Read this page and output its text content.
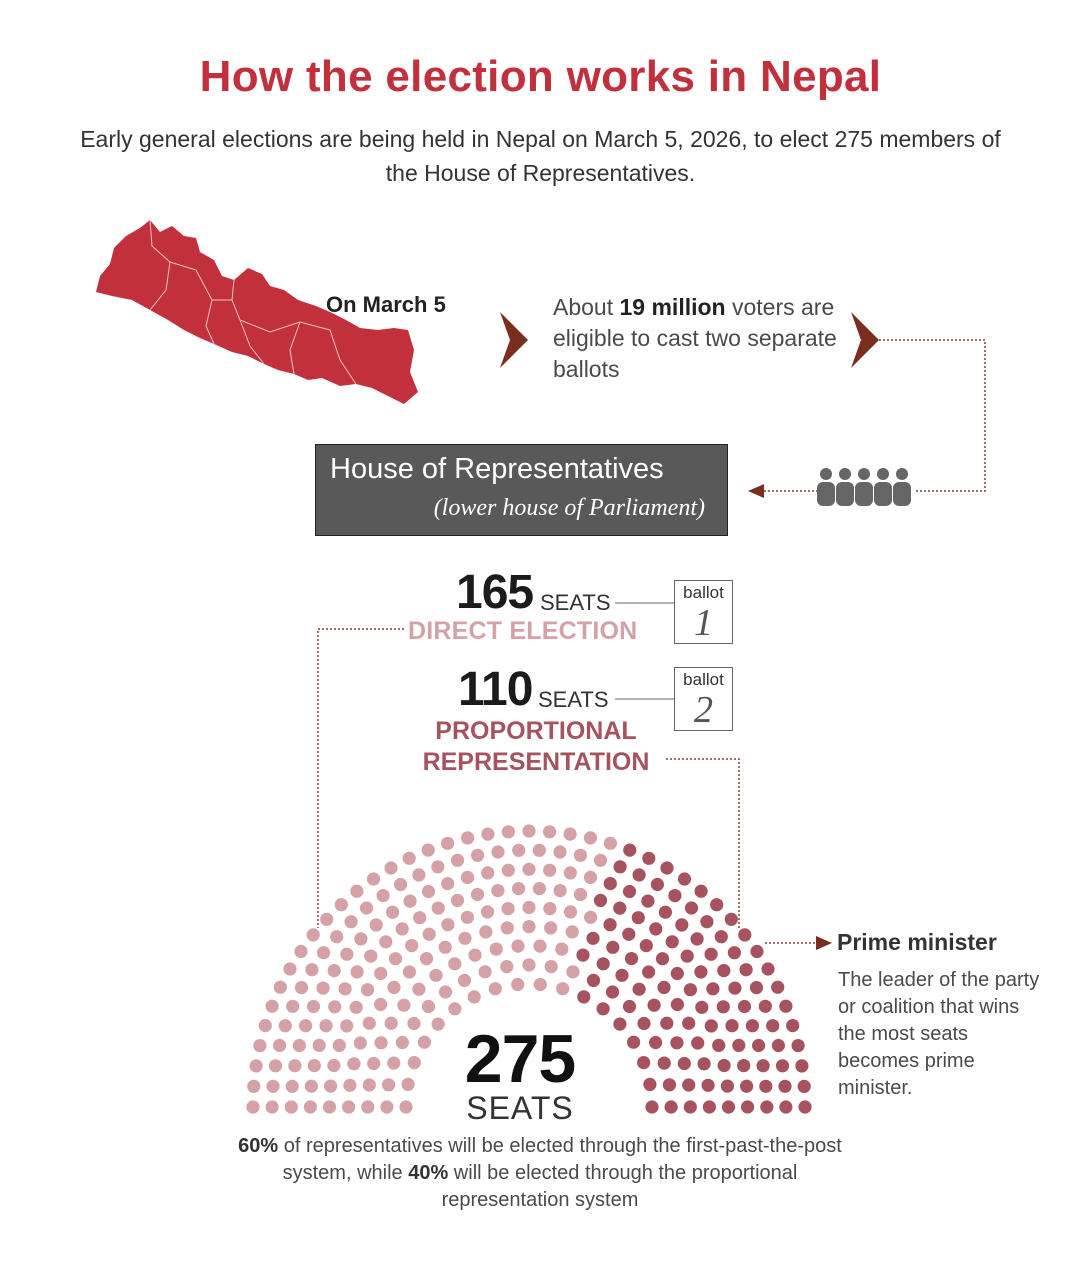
How the election works in Nepal
Early general elections are being held in Nepal on March 5, 2026, to elect 275 members of the House of Representatives.
On March 5	About 19 million voters are eligible to cast two separate ballots
House of Representatives
(lower house of Parliament)
165 SEATS
DIRECT ELECTION
ballot
1
110 SEATS
PROPORTIONAL
REPRESENTATION
ballot
2
Prime minister
The leader of the party or coalition that wins the most seats becomes prime minister.
275
SEATS
60% of representatives will be elected through the first-past-the-post system, while 40% will be elected through the proportional representation system
